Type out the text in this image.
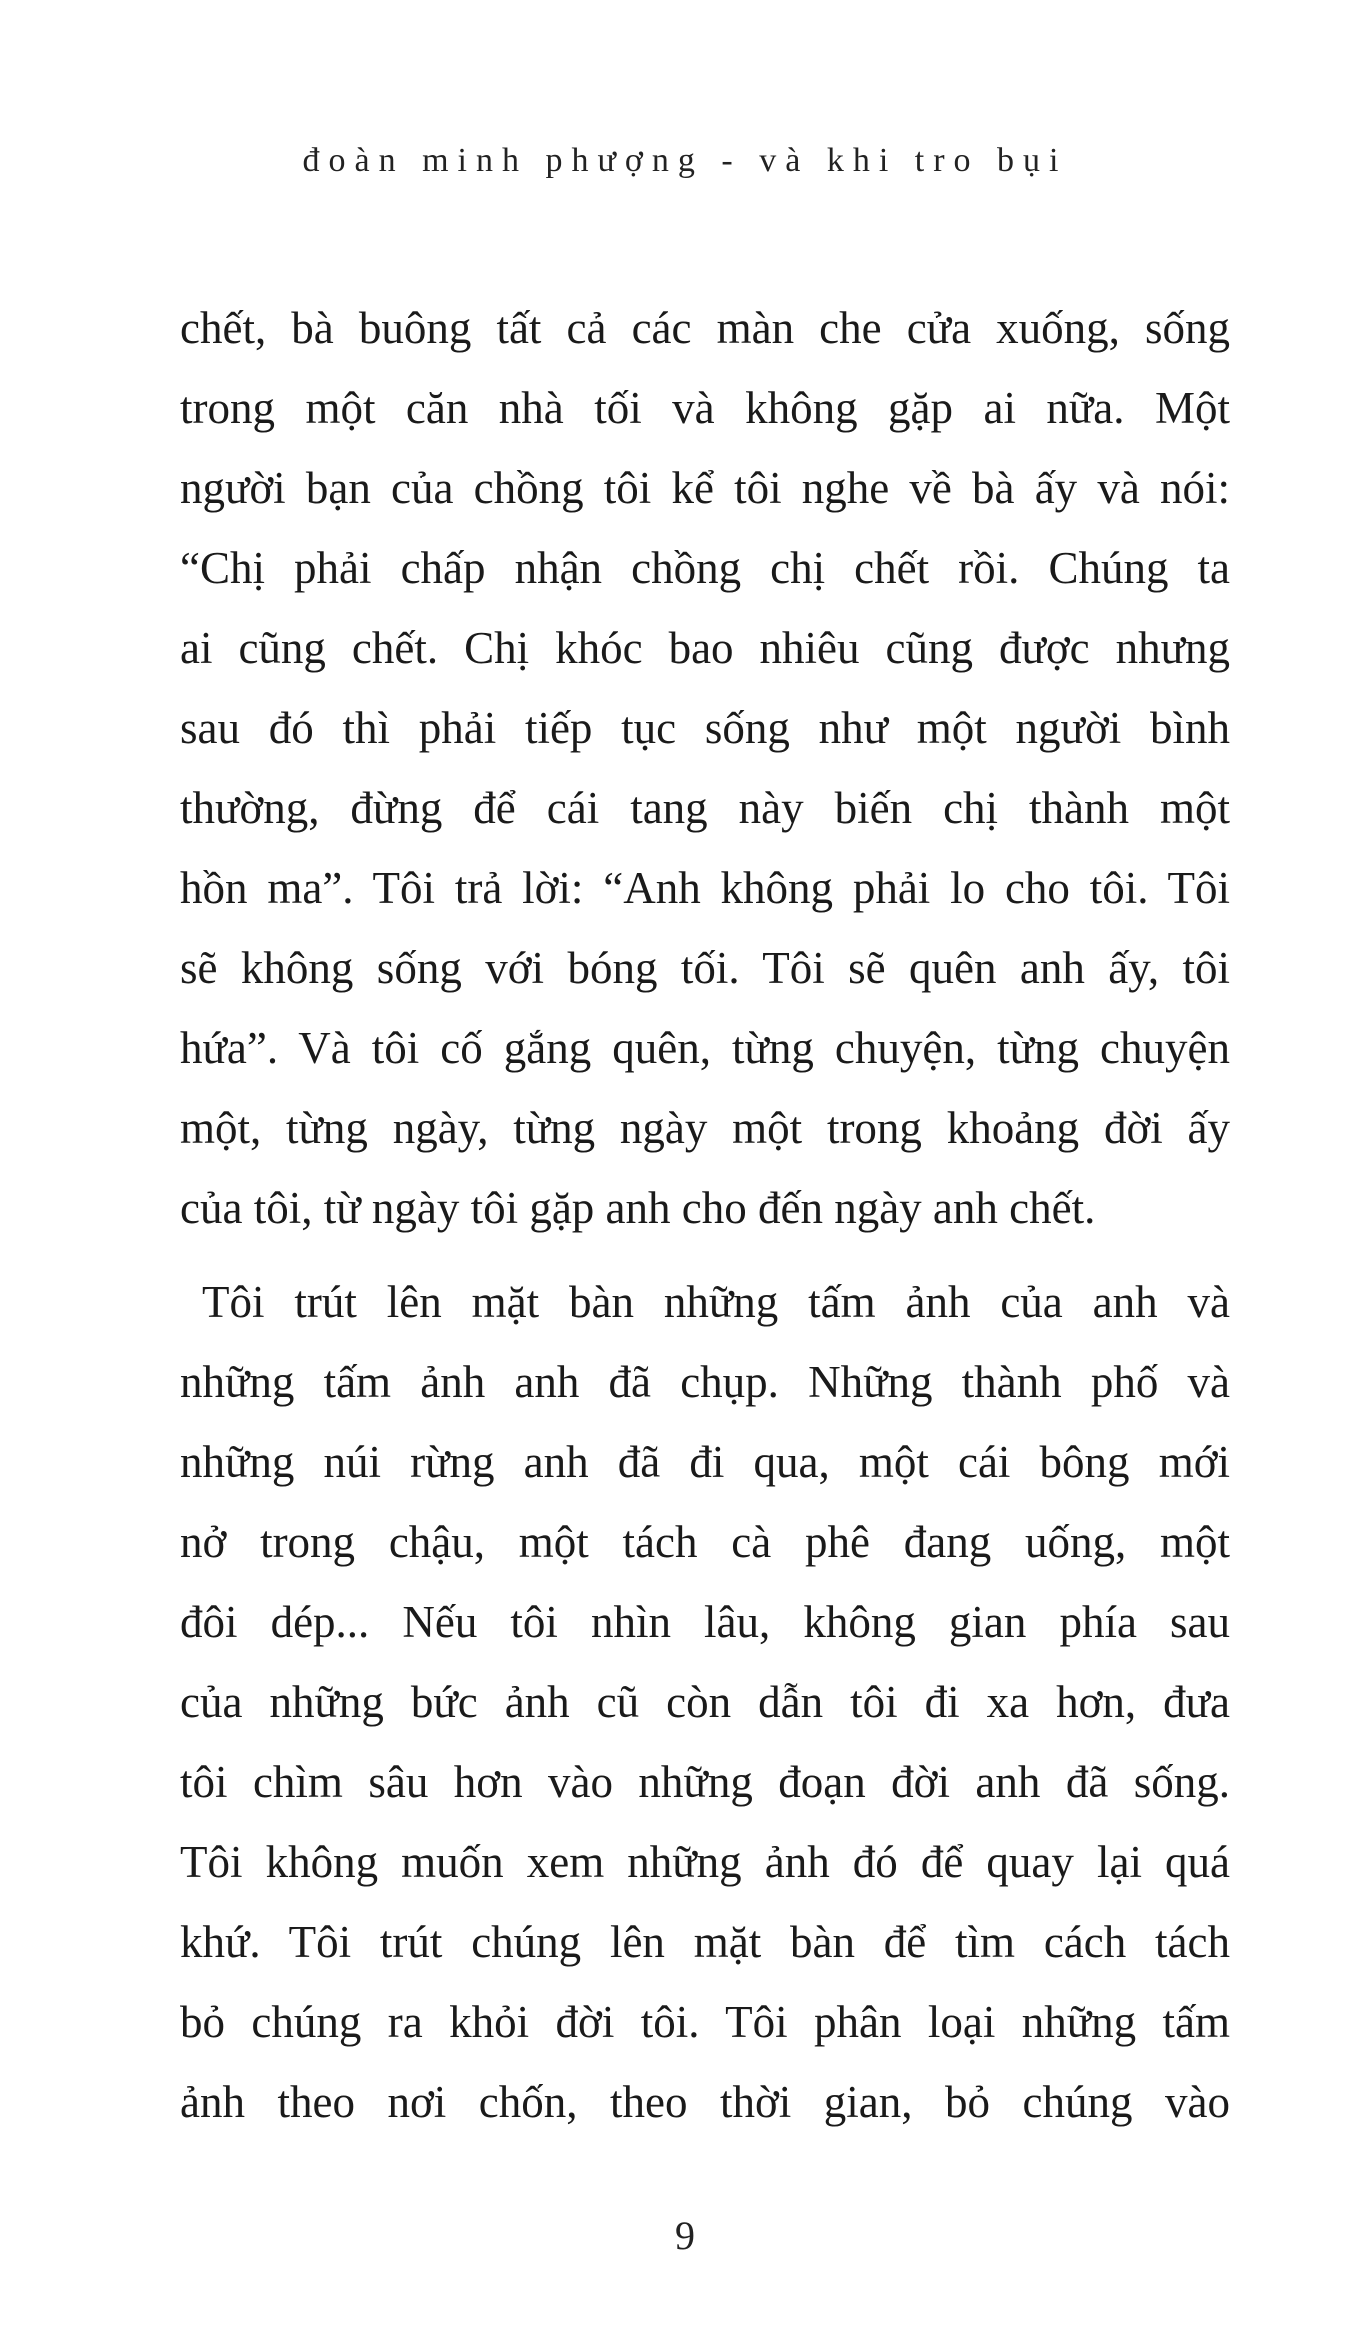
đoàn minh phượng - và khi tro bụi
chết, bà buông tất cả các màn che cửa xuống, sống
trong một căn nhà tối và không gặp ai nữa. Một
người bạn của chồng tôi kể tôi nghe về bà ấy và nói:
“Chị phải chấp nhận chồng chị chết rồi. Chúng ta
ai cũng chết. Chị khóc bao nhiêu cũng được nhưng
sau đó thì phải tiếp tục sống như một người bình
thường, đừng để cái tang này biến chị thành một
hồn ma”. Tôi trả lời: “Anh không phải lo cho tôi. Tôi
sẽ không sống với bóng tối. Tôi sẽ quên anh ấy, tôi
hứa”. Và tôi cố gắng quên, từng chuyện, từng chuyện
một, từng ngày, từng ngày một trong khoảng đời ấy
của tôi, từ ngày tôi gặp anh cho đến ngày anh chết.
Tôi trút lên mặt bàn những tấm ảnh của anh và
những tấm ảnh anh đã chụp. Những thành phố và
những núi rừng anh đã đi qua, một cái bông mới
nở trong chậu, một tách cà phê đang uống, một
đôi dép... Nếu tôi nhìn lâu, không gian phía sau
của những bức ảnh cũ còn dẫn tôi đi xa hơn, đưa
tôi chìm sâu hơn vào những đoạn đời anh đã sống.
Tôi không muốn xem những ảnh đó để quay lại quá
khứ. Tôi trút chúng lên mặt bàn để tìm cách tách
bỏ chúng ra khỏi đời tôi. Tôi phân loại những tấm
ảnh theo nơi chốn, theo thời gian, bỏ chúng vào
9
